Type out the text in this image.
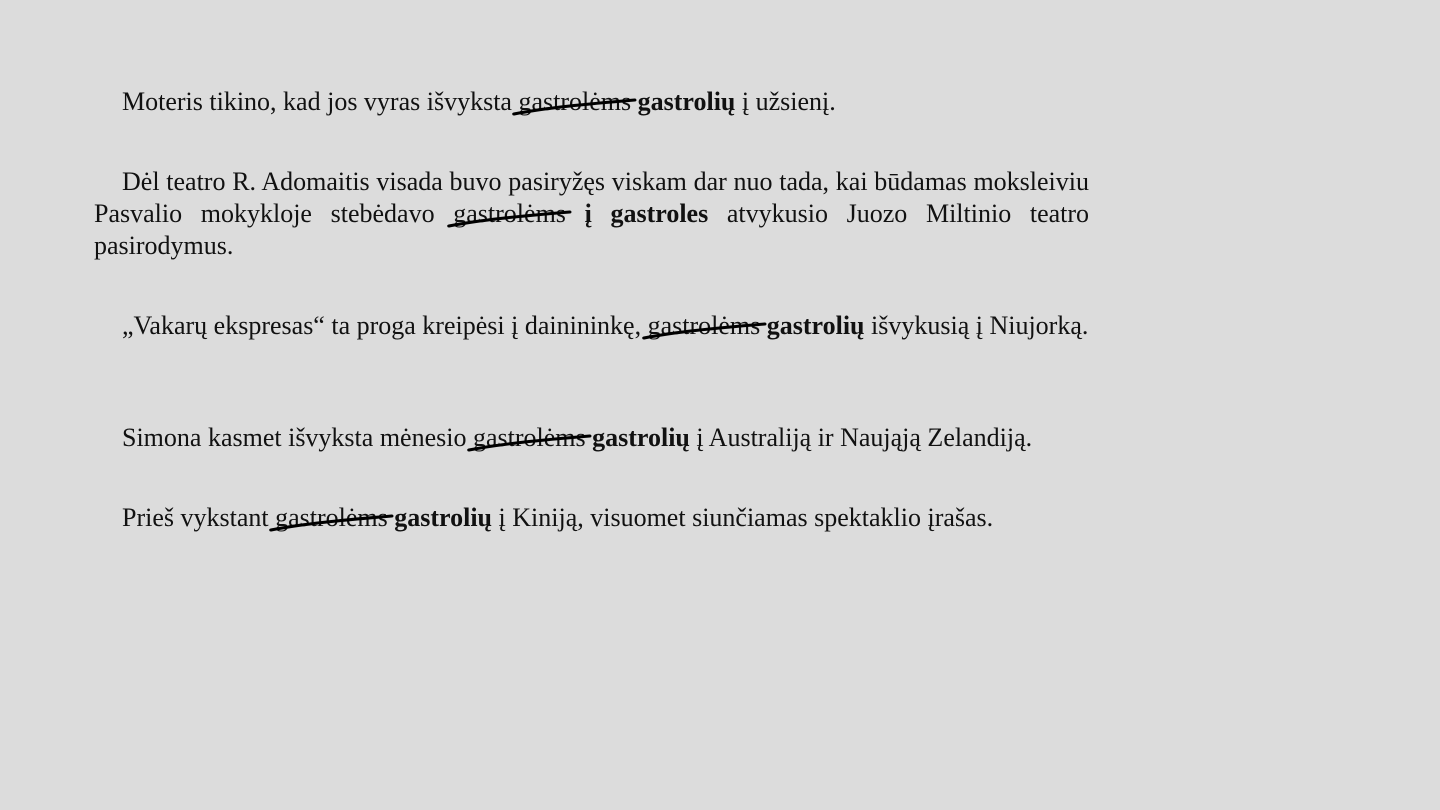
Moteris tikino, kad jos vyras išvyksta gastrolėms gastrolių į užsienį.

Dėl teatro R. Adomaitis visada buvo pasiryžęs viskam dar nuo tada, kai būdamas moksleiviu Pasvalio mokykloje stebėdavo gastrolėms į gastroles atvykusio Juozo Miltinio teatro pasirodymus.

„Vakarų ekspresas“ ta proga kreipėsi į dainininkę, gastrolėms gastrolių išvykusią į Niujorką.

Simona kasmet išvyksta mėnesio gastrolėms gastrolių į Australiją ir Naująją Zelandiją.

Prieš vykstant gastrolėms gastrolių į Kiniją, visuomet siunčiamas spektaklio įrašas.
